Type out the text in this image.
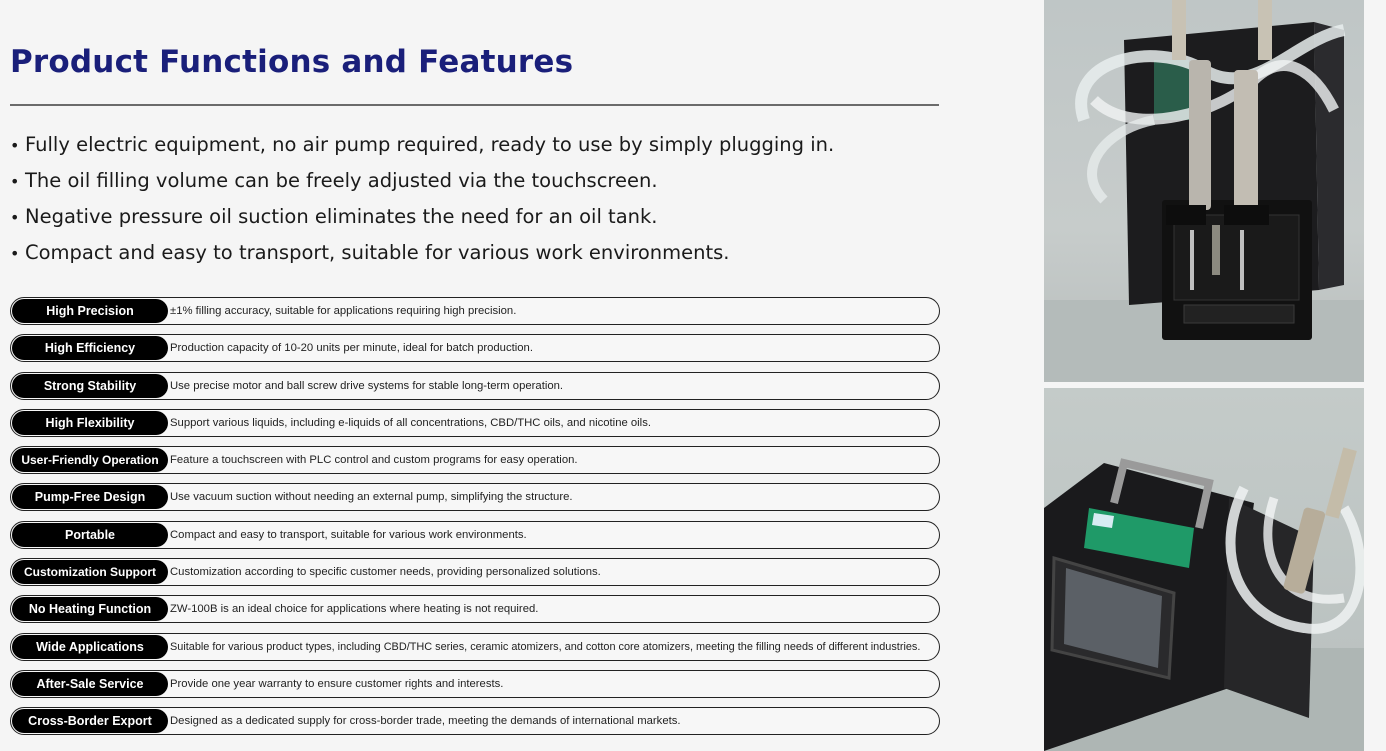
Product Functions and Features
• Fully electric equipment, no air pump required, ready to use by simply plugging in.
• The oil filling volume can be freely adjusted via the touchscreen.
• Negative pressure oil suction eliminates the need for an oil tank.
• Compact and easy to transport, suitable for various work environments.
High Precision	±1% filling accuracy, suitable for applications requiring high precision.
High Efficiency	Production capacity of 10-20 units per minute, ideal for batch production.
Strong Stability	Use precise motor and ball screw drive systems for stable long-term operation.
High Flexibility	Support various liquids, including e-liquids of all concentrations, CBD/THC oils, and nicotine oils.
User-Friendly Operation	Feature a touchscreen with PLC control and custom programs for easy operation.
Pump-Free Design	Use vacuum suction without needing an external pump, simplifying the structure.
Portable	Compact and easy to transport, suitable for various work environments.
Customization Support	Customization according to specific customer needs, providing personalized solutions.
No Heating Function	ZW-100B is an ideal choice for applications where heating is not required.
Wide Applications	Suitable for various product types, including CBD/THC series, ceramic atomizers, and cotton core atomizers, meeting the filling needs of different industries.
After-Sale Service	Provide one year warranty to ensure customer rights and interests.
Cross-Border Export	Designed as a dedicated supply for cross-border trade, meeting the demands of international markets.
